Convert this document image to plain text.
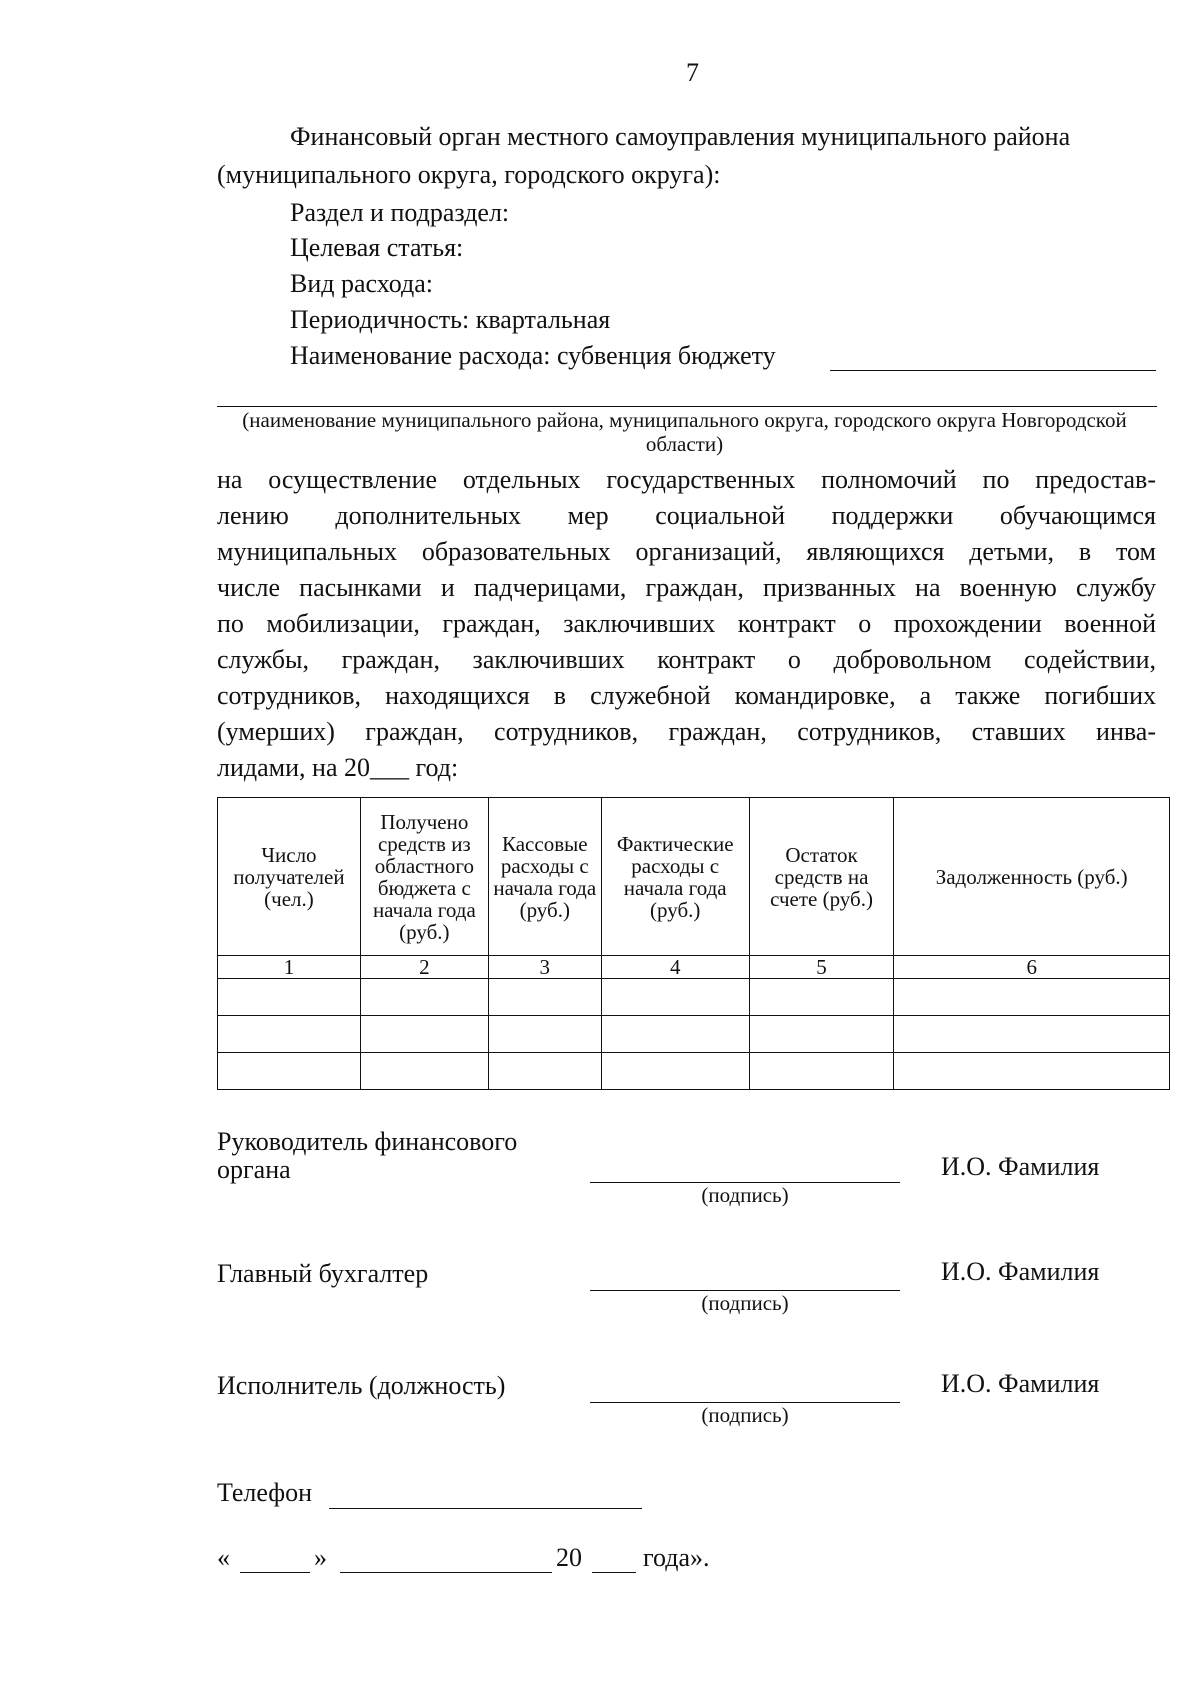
7

Финансовый орган местного самоуправления муниципального района

(муниципального округа, городского округа):

Раздел и подраздел:

Целевая статья:

Вид расхода:

Периодичность: квартальная

Наименование расхода: субвенция бюджету

(наименование муниципального района, муниципального округа, городского округа Новгородской области)

на осуществление отдельных государственных полномочий по предостав-
лению дополнительных мер социальной поддержки обучающимся
муниципальных образовательных организаций, являющихся детьми, в том
числе пасынками и падчерицами, граждан, призванных на военную службу
по мобилизации, граждан, заключивших контракт о прохождении военной
службы, граждан, заключивших контракт о добровольном содействии,
сотрудников, находящихся в служебной командировке, а также погибших
(умерших) граждан, сотрудников, граждан, сотрудников, ставших инва-
лидами, на 20___ год:
Число получателей (чел.)	Получено средств из областного бюджета с начала года (руб.)	Кассовые расходы с начала года (руб.)	Фактические расходы с начала года (руб.)	Остаток средств на счете (руб.)	Задолженность (руб.)
1	2	3	4	5	6

Руководитель финансового органа

(подпись)

И.О. Фамилия

Главный бухгалтер

(подпись)

И.О. Фамилия

Исполнитель (должность)

(подпись)

И.О. Фамилия

Телефон

«	»	20 года».
